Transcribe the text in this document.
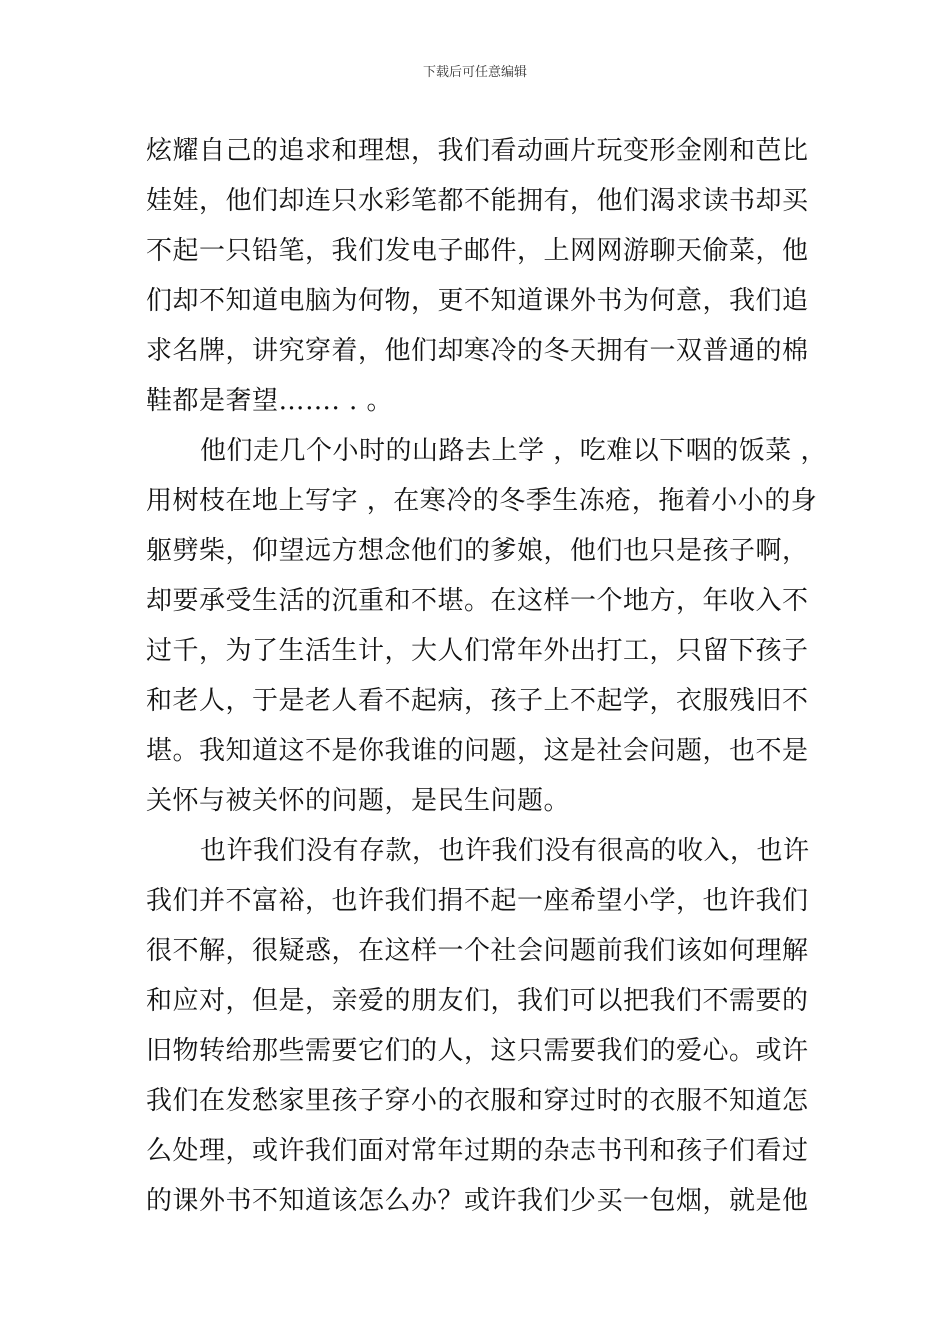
下载后可任意编辑
炫耀自己的追求和理想，我们看动画片玩变形金刚和芭比
娃娃，他们却连只水彩笔都不能拥有，他们渴求读书却买
不起一只铅笔，我们发电子邮件，上网网游聊天偷菜，他
们却不知道电脑为何物，更不知道课外书为何意，我们追
求名牌，讲究穿着，他们却寒冷的冬天拥有一双普通的棉
鞋都是奢望……. . 。
他们走几个小时的山路去上学 ，吃难以下咽的饭菜 ，
用树枝在地上写字 ，在寒冷的冬季生冻疮，拖着小小的身
躯劈柴，仰望远方想念他们的爹娘，他们也只是孩子啊，
却要承受生活的沉重和不堪。在这样一个地方，年收入不
过千，为了生活生计，大人们常年外出打工，只留下孩子
和老人，于是老人看不起病，孩子上不起学，衣服残旧不
堪。我知道这不是你我谁的问题，这是社会问题，也不是
关怀与被关怀的问题，是民生问题。
也许我们没有存款，也许我们没有很高的收入，也许
我们并不富裕，也许我们捐不起一座希望小学，也许我们
很不解，很疑惑，在这样一个社会问题前我们该如何理解
和应对，但是，亲爱的朋友们，我们可以把我们不需要的
旧物转给那些需要它们的人，这只需要我们的爱心。或许
我们在发愁家里孩子穿小的衣服和穿过时的衣服不知道怎
么处理，或许我们面对常年过期的杂志书刊和孩子们看过
的课外书不知道该怎么办？或许我们少买一包烟，就是他
